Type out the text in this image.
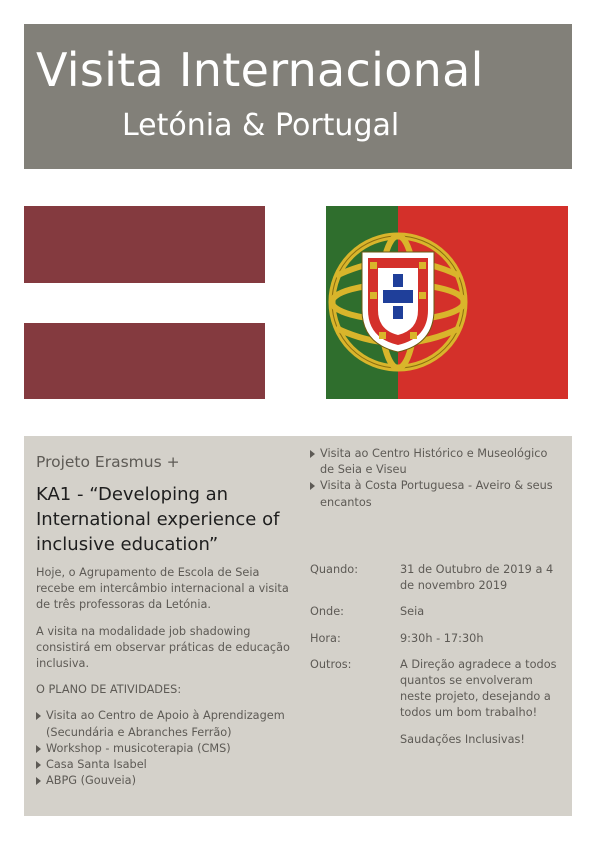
Visita Internacional
Letónia & Portugal

Projeto Erasmus +

KA1 - “Developing an International experience of inclusive education”

Hoje, o Agrupamento de Escola de Seia recebe em intercâmbio internacional a visita de três professoras da Letónia.

A visita na modalidade job shadowing consistirá em observar práticas de educação inclusiva.

O PLANO DE ATIVIDADES:

Visita ao Centro de Apoio à Aprendizagem (Secundária e Abranches Ferrão)
Workshop - musicoterapia (CMS)
Casa Santa Isabel
ABPG (Gouveia)
Visita ao Centro Histórico e Museológico de Seia e Viseu
Visita à Costa Portuguesa - Aveiro & seus encantos
Quando:	31 de Outubro de 2019 a 4 de novembro 2019
Onde:	Seia
Hora:	9:30h - 17:30h
Outros:	A Direção agradece a todos quantos se envolveram neste projeto, desejando a todos um bom trabalho!
Saudações Inclusivas!
